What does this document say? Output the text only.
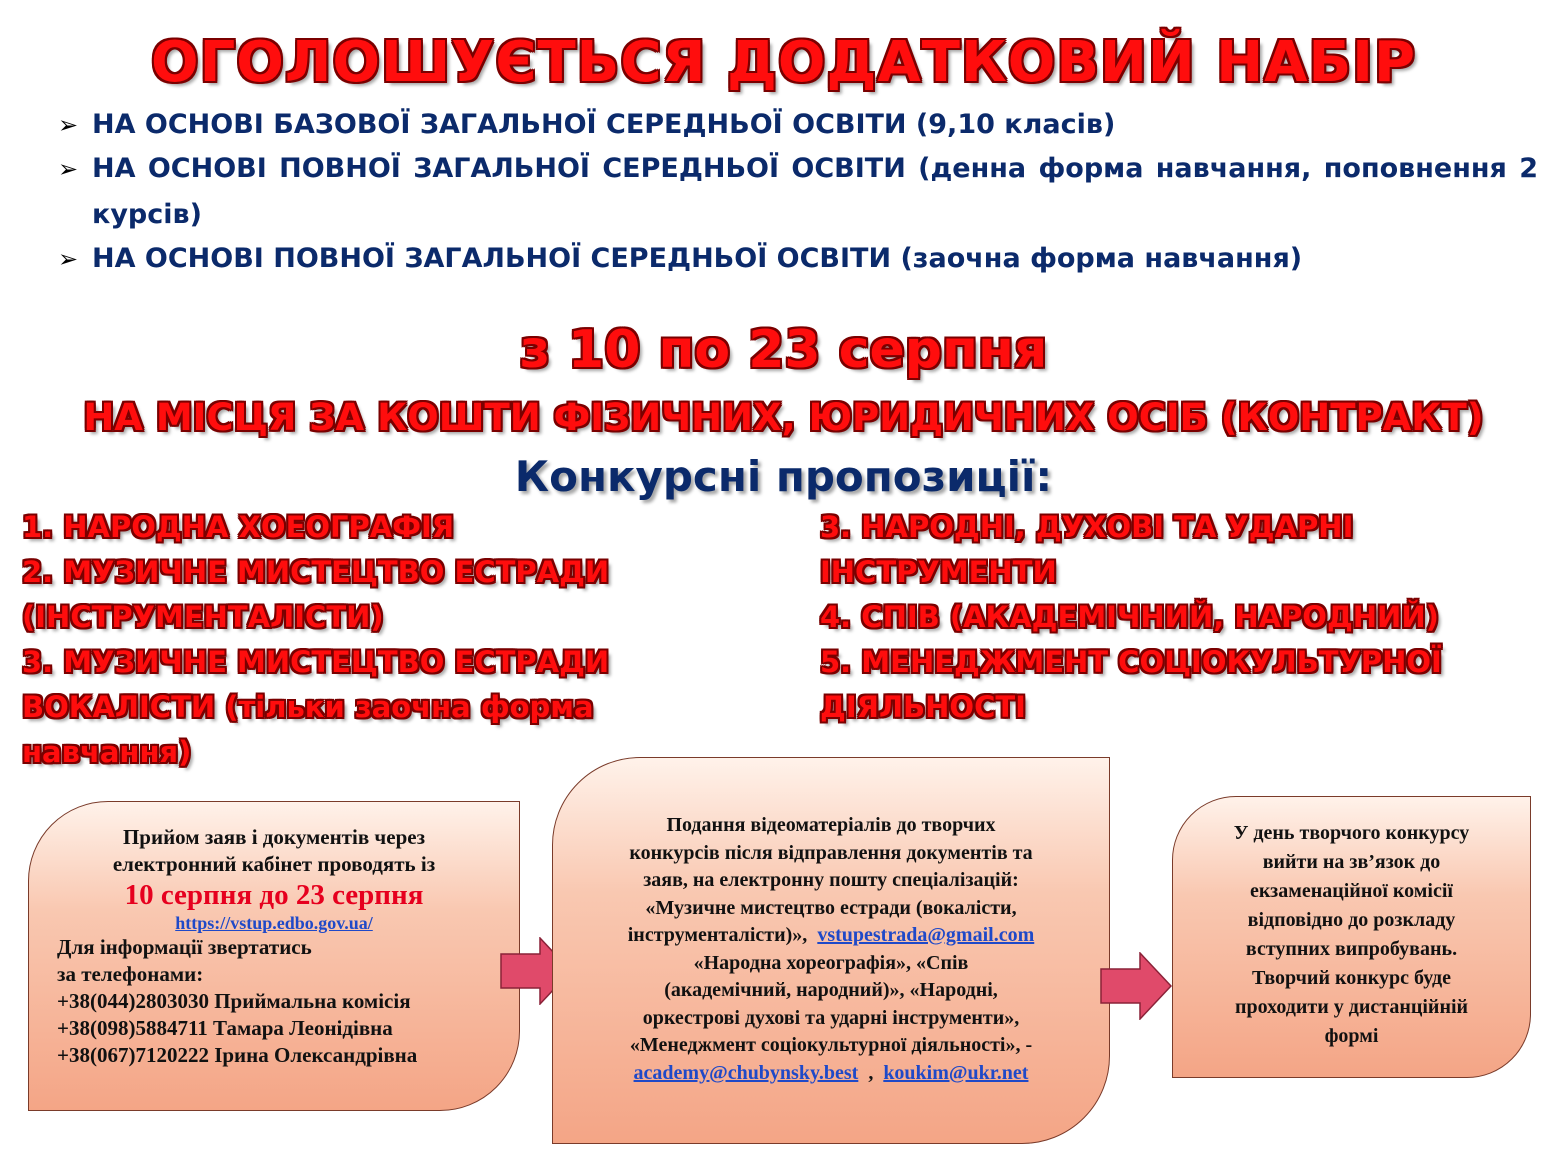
ОГОЛОШУЄТЬСЯ ДОДАТКОВИЙ НАБІР
➢ НА ОСНОВІ БАЗОВОЇ ЗАГАЛЬНОЇ СЕРЕДНЬОЇ ОСВІТИ (9,10 класів)
➢ НА ОСНОВІ ПОВНОЇ ЗАГАЛЬНОЇ СЕРЕДНЬОЇ ОСВІТИ (денна форма навчання, поповнення 2 курсів)
➢ НА ОСНОВІ ПОВНОЇ ЗАГАЛЬНОЇ СЕРЕДНЬОЇ ОСВІТИ (заочна форма навчання)
з 10 по 23 серпня
НА МІСЦЯ ЗА КОШТИ ФІЗИЧНИХ, ЮРИДИЧНИХ ОСІБ (КОНТРАКТ)
Конкурсні пропозиції:
1. НАРОДНА ХОЕОГРАФІЯ
2. МУЗИЧНЕ МИСТЕЦТВО ЕСТРАДИ
(ІНСТРУМЕНТАЛІСТИ)
3. МУЗИЧНЕ МИСТЕЦТВО ЕСТРАДИ
ВОКАЛІСТИ (тільки заочна форма
навчання)
3. НАРОДНІ, ДУХОВІ ТА УДАРНІ
ІНСТРУМЕНТИ
4. СПІВ (АКАДЕМІЧНИЙ, НАРОДНИЙ)
5. МЕНЕДЖМЕНТ СОЦІОКУЛЬТУРНОЇ
ДІЯЛЬНОСТІ
Прийом заяв і документів через
електронний кабінет проводять із
10 серпня до 23 серпня
https://vstup.edbo.gov.ua/
Для інформації звертатись
за телефонами:
+38(044)2803030 Приймальна комісія
+38(098)5884711 Тамара Леонідівна
+38(067)7120222 Ірина Олександрівна
Подання відеоматеріалів до творчих
конкурсів після відправлення документів та
заяв, на електронну пошту спеціалізацій:
«Музичне мистецтво естради (вокалісти,
інструменталісти)»,  vstupestrada@gmail.com
«Народна хореографія», «Спів
(академічний, народний)», «Народні,
оркестрові духові та ударні інструменти»,
«Менеджмент соціокультурної діяльності», -
academy@chubynsky.best  ,  koukim@ukr.net
У день творчого конкурсу
вийти на зв’язок до
екзаменаційної комісії
відповідно до розкладу
вступних випробувань.
Творчий конкурс буде
проходити у дистанційній
формі
